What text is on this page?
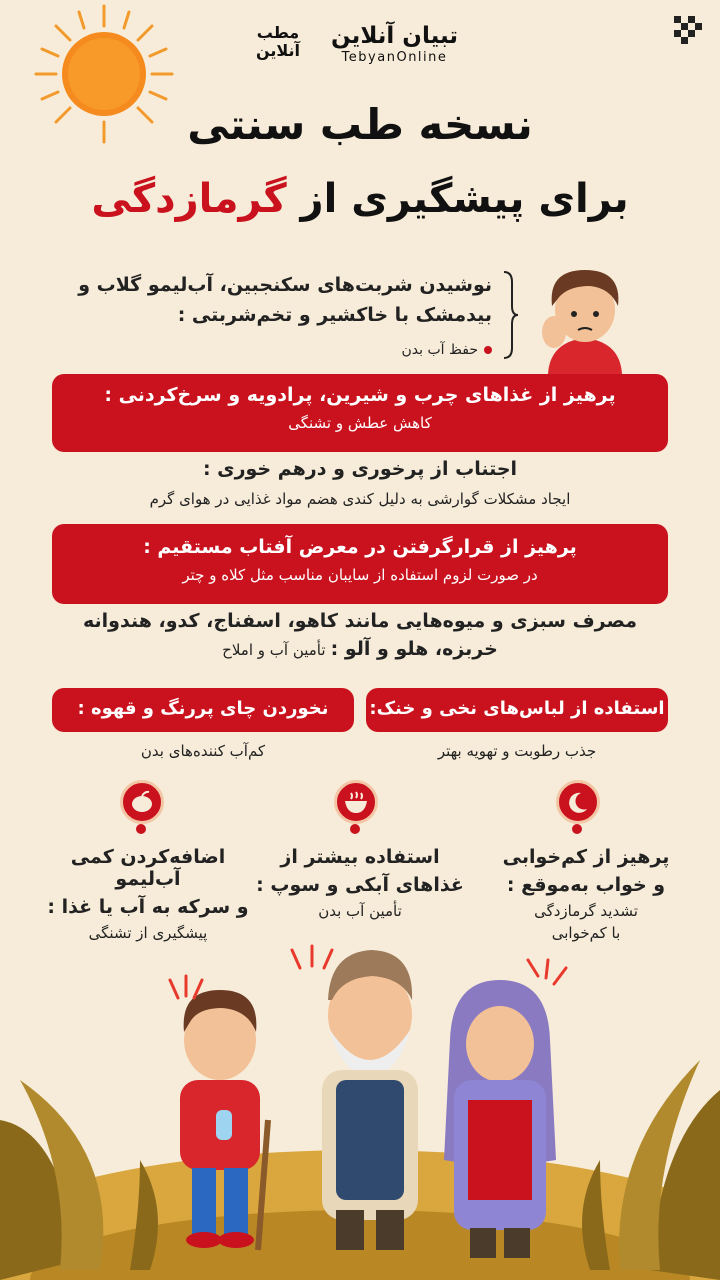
تبیان آنلاین
TebyanOnline
مطب آنلاین
نسخه طب سنتی
برای پیشگیری از گرمازدگی
نوشیدن شربت‌های سکنجبین، آب‌لیمو گلاب و بیدمشک با خاکشیر و تخم‌شربتی :
حفظ آب بدن
پرهیز از غذاهای چرب و شیرین، پرادویه و سرخ‌کردنی :
کاهش عطش و تشنگی
اجتناب از پرخوری و درهم خوری :
ایجاد مشکلات گوارشی به دلیل کندی هضم مواد غذایی در هوای گرم
پرهیز از قرارگرفتن در معرض آفتاب مستقیم :
در صورت لزوم استفاده از سایبان مناسب مثل کلاه و چتر
مصرف سبزی و میوه‌هایی مانند کاهو، اسفناج، کدو، هندوانه
خربزه، هلو و آلو : تأمین آب و املاح
استفاده از لباس‌های نخی و خنک:
جذب رطوبت و تهویه بهتر
نخوردن چای پررنگ و قهوه :
کم‌آب کننده‌های بدن
پرهیز از کم‌خوابی
و خواب به‌موقع :
تشدید گرمازدگی
با کم‌خوابی
استفاده بیشتر از
غذاهای آبکی و سوپ :
تأمین آب بدن
اضافه‌کردن کمی آب‌لیمو
و سرکه به آب یا غذا :
پیشگیری از تشنگی
